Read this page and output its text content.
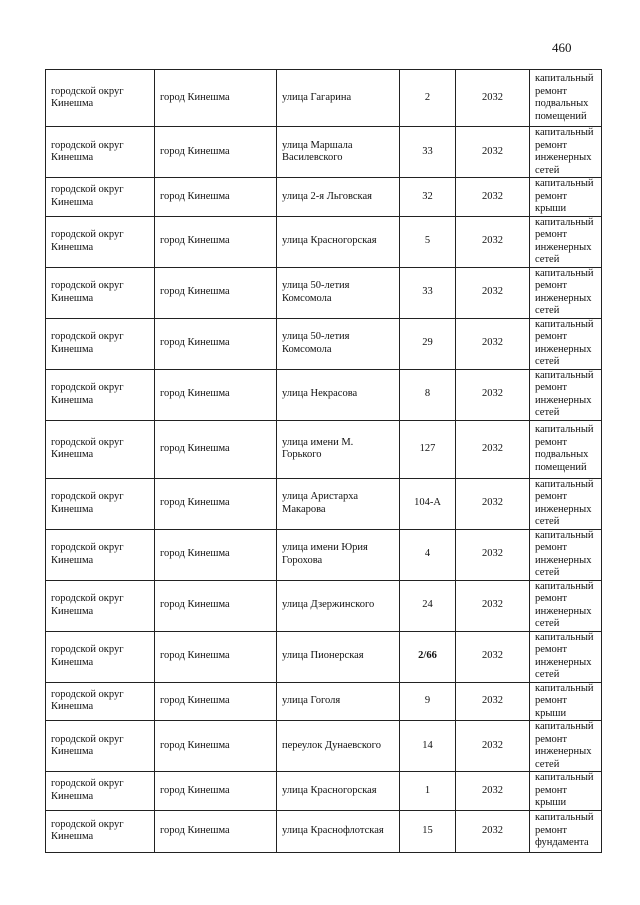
460
городской округ Кинешма	город Кинешма	улица Гагарина	2	2032	капитальный ремонт подвальных помещений
городской округ Кинешма	город Кинешма	улица Маршала Василевского	33	2032	капитальный ремонт инженерных сетей
городской округ Кинешма	город Кинешма	улица 2-я Льговская	32	2032	капитальный ремонт крыши
городской округ Кинешма	город Кинешма	улица Красногорская	5	2032	капитальный ремонт инженерных сетей
городской округ Кинешма	город Кинешма	улица 50-летия Комсомола	33	2032	капитальный ремонт инженерных сетей
городской округ Кинешма	город Кинешма	улица 50-летия Комсомола	29	2032	капитальный ремонт инженерных сетей
городской округ Кинешма	город Кинешма	улица Некрасова	8	2032	капитальный ремонт инженерных сетей
городской округ Кинешма	город Кинешма	улица имени М. Горького	127	2032	капитальный ремонт подвальных помещений
городской округ Кинешма	город Кинешма	улица Аристарха Макарова	104-А	2032	капитальный ремонт инженерных сетей
городской округ Кинешма	город Кинешма	улица имени Юрия Горохова	4	2032	капитальный ремонт инженерных сетей
городской округ Кинешма	город Кинешма	улица Дзержинского	24	2032	капитальный ремонт инженерных сетей
городской округ Кинешма	город Кинешма	улица Пионерская	2/66	2032	капитальный ремонт инженерных сетей
городской округ Кинешма	город Кинешма	улица Гоголя	9	2032	капитальный ремонт крыши
городской округ Кинешма	город Кинешма	переулок Дунаевского	14	2032	капитальный ремонт инженерных сетей
городской округ Кинешма	город Кинешма	улица Красногорская	1	2032	капитальный ремонт крыши
городской округ Кинешма	город Кинешма	улица Краснофлотская	15	2032	капитальный ремонт фундамента
